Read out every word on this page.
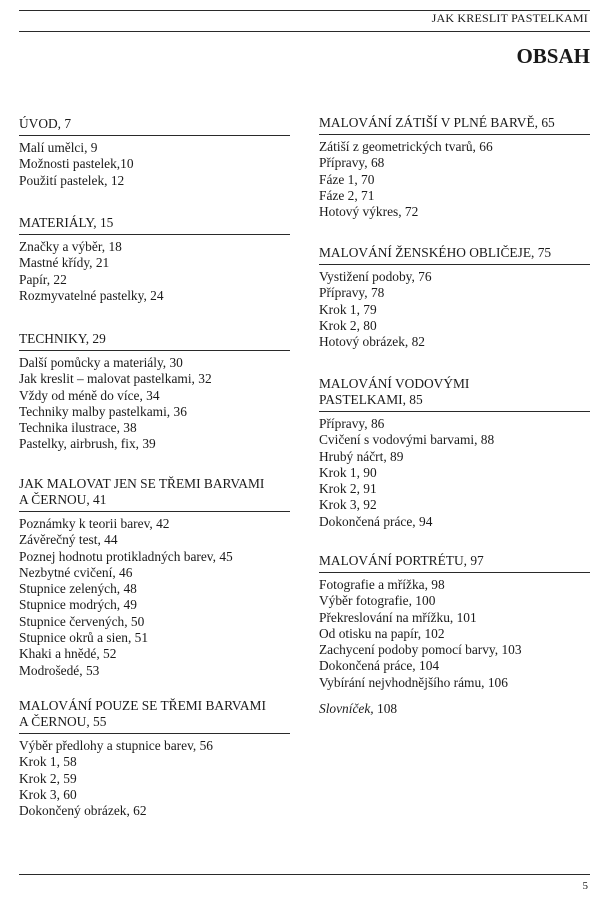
JAK KRESLIT PASTELKAMI
OBSAH
ÚVOD, 7
Malí umělci, 9
Možnosti pastelek,10
Použití pastelek, 12
MATERIÁLY, 15
Značky a výběr, 18
Mastné křídy, 21
Papír, 22
Rozmyvatelné pastelky, 24
TECHNIKY, 29
Další pomůcky a materiály, 30
Jak kreslit – malovat pastelkami, 32
Vždy od méně do více, 34
Techniky malby pastelkami, 36
Technika ilustrace, 38
Pastelky, airbrush, fix, 39
JAK MALOVAT JEN SE TŘEMI BARVAMI
A ČERNOU, 41
Poznámky k teorii barev, 42
Závěrečný test, 44
Poznej hodnotu protikladných barev, 45
Nezbytné cvičení, 46
Stupnice zelených, 48
Stupnice modrých, 49
Stupnice červených, 50
Stupnice okrů a sien, 51
Khaki a hnědé, 52
Modrošedé, 53
MALOVÁNÍ POUZE SE TŘEMI BARVAMI
A ČERNOU, 55
Výběr předlohy a stupnice barev, 56
Krok 1, 58
Krok 2, 59
Krok 3, 60
Dokončený obrázek, 62
MALOVÁNÍ ZÁTIŠÍ V PLNÉ BARVĚ, 65
Zátiší z geometrických tvarů, 66
Přípravy, 68
Fáze 1, 70
Fáze 2, 71
Hotový výkres, 72
MALOVÁNÍ ŽENSKÉHO OBLIČEJE, 75
Vystižení podoby, 76
Přípravy, 78
Krok 1, 79
Krok 2, 80
Hotový obrázek, 82
MALOVÁNÍ VODOVÝMI
PASTELKAMI, 85
Přípravy, 86
Cvičení s vodovými barvami, 88
Hrubý náčrt, 89
Krok 1, 90
Krok 2, 91
Krok 3, 92
Dokončená práce, 94
MALOVÁNÍ PORTRÉTU, 97
Fotografie a mřížka, 98
Výběr fotografie, 100
Překreslování na mřížku, 101
Od otisku na papír, 102
Zachycení podoby pomocí barvy, 103
Dokončená práce, 104
Vybírání nejvhodnějšího rámu, 106
Slovníček, 108
5
